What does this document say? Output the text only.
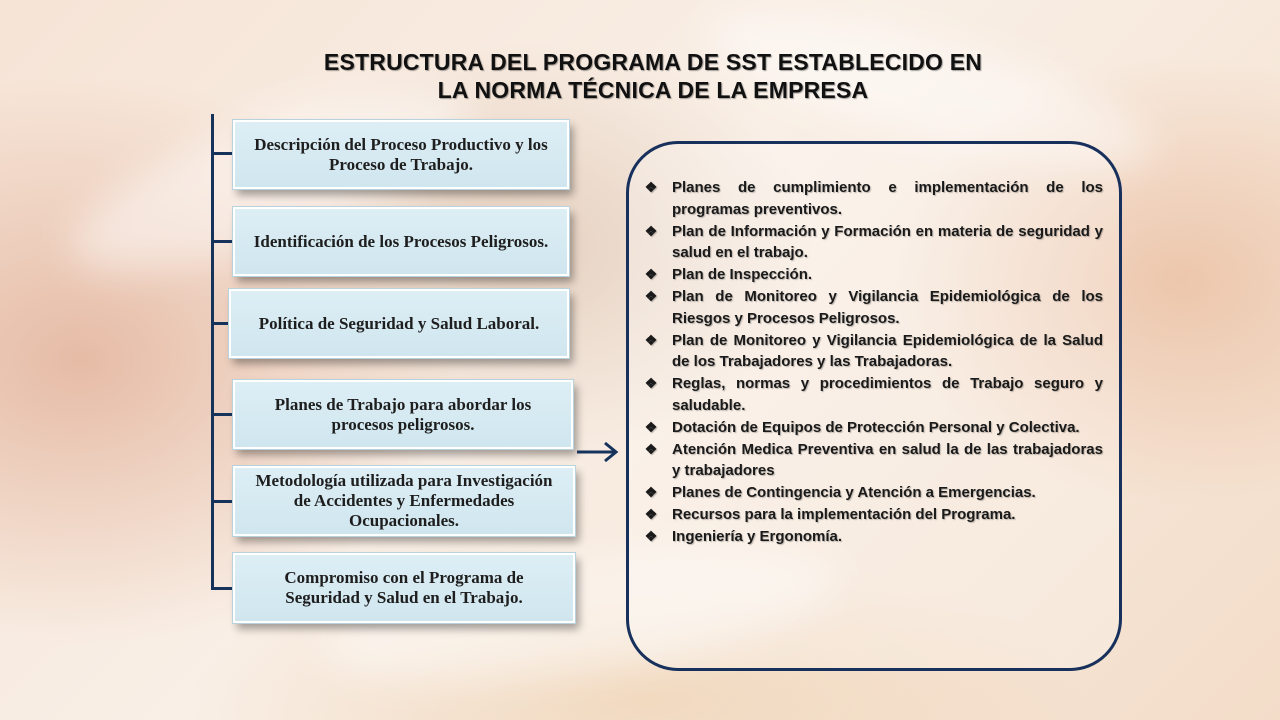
ESTRUCTURA DEL PROGRAMA DE SST ESTABLECIDO EN
LA NORMA TÉCNICA DE LA EMPRESA
Descripción del Proceso Productivo y los Proceso de Trabajo.
Identificación de los Procesos Peligrosos.
Política de Seguridad y Salud Laboral.
Planes de Trabajo para abordar los procesos peligrosos.
Metodología utilizada para Investigación de Accidentes y Enfermedades Ocupacionales.
Compromiso con el Programa de Seguridad y Salud en el Trabajo.
❖ Planes de cumplimiento e implementación de los programas preventivos.
❖ Plan de Información y Formación en materia de seguridad y salud en el trabajo.
❖ Plan de Inspección.
❖ Plan de Monitoreo y Vigilancia Epidemiológica de los Riesgos y Procesos Peligrosos.
❖ Plan de Monitoreo y Vigilancia Epidemiológica de la Salud de los Trabajadores y las Trabajadoras.
❖ Reglas, normas y procedimientos de Trabajo seguro y saludable.
❖ Dotación de Equipos de Protección Personal y Colectiva.
❖ Atención Medica Preventiva en salud la de las trabajadoras y trabajadores
❖ Planes de Contingencia y Atención a Emergencias.
❖ Recursos para la implementación del Programa.
❖ Ingeniería y Ergonomía.
